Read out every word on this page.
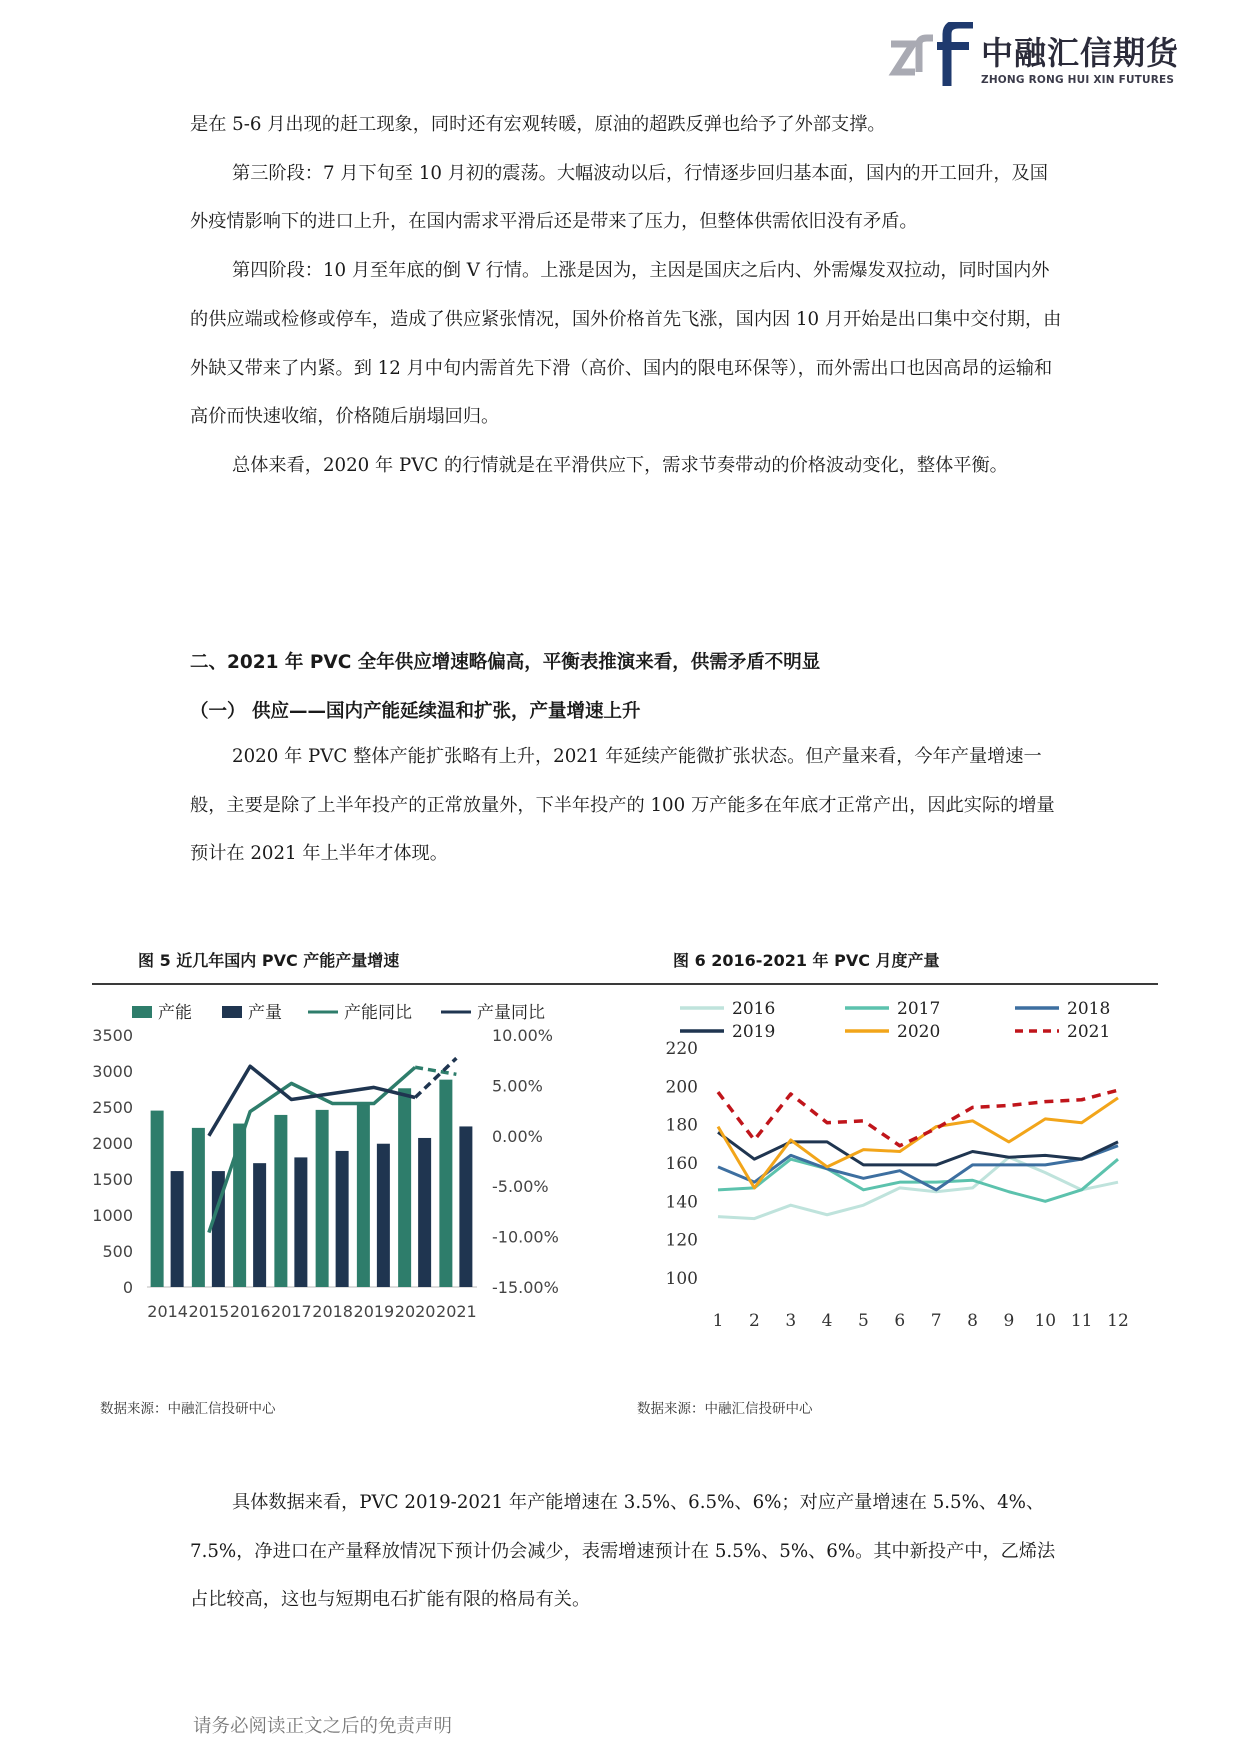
中融汇信期货
ZHONG RONG HUI XIN FUTURES

是在 5-6 月出现的赶工现象，同时还有宏观转暖，原油的超跌反弹也给予了外部支撑。

第三阶段：7 月下旬至 10 月初的震荡。大幅波动以后，行情逐步回归基本面，国内的开工回升，及国外疫情影响下的进口上升，在国内需求平滑后还是带来了压力，但整体供需依旧没有矛盾。

第四阶段：10 月至年底的倒 V 行情。上涨是因为，主因是国庆之后内、外需爆发双拉动，同时国内外的供应端或检修或停车，造成了供应紧张情况，国外价格首先飞涨，国内因 10 月开始是出口集中交付期，由外缺又带来了内紧。到 12 月中旬内需首先下滑（高价、国内的限电环保等），而外需出口也因高昂的运输和高价而快速收缩，价格随后崩塌回归。

总体来看，2020 年 PVC 的行情就是在平滑供应下，需求节奏带动的价格波动变化，整体平衡。

二、2021 年 PVC 全年供应增速略偏高，平衡表推演来看，供需矛盾不明显
（一） 供应——国内产能延续温和扩张，产量增速上升

2020 年 PVC 整体产能扩张略有上升，2021 年延续产能微扩张状态。但产量来看，今年产量增速一般，主要是除了上半年投产的正常放量外，下半年投产的 100 万产能多在年底才正常产出，因此实际的增量预计在 2021 年上半年才体现。

图 5 近几年国内 PVC 产能产量增速	图 6 2016-2021 年 PVC 月度产量
产能	产量	产能同比	产量同比
0
500
1000
1500
2000
2500
3000
3500
-15.00%
-10.00%
-5.00%
0.00%
5.00%
10.00%
2014 2015 2016 2017 2018 2019 2020 2021
2016	2017	2018
2019	2020	2021
100
120
140
160
180
200
220
1 2 3 4 5 6 7 8 9 10 11 12
数据来源：中融汇信投研中心	数据来源：中融汇信投研中心

具体数据来看，PVC 2019-2021 年产能增速在 3.5%、6.5%、6%；对应产量增速在 5.5%、4%、7.5%，净进口在产量释放情况下预计仍会减少，表需增速预计在 5.5%、5%、6%。其中新投产中，乙烯法占比较高，这也与短期电石扩能有限的格局有关。

请务必阅读正文之后的免责声明
